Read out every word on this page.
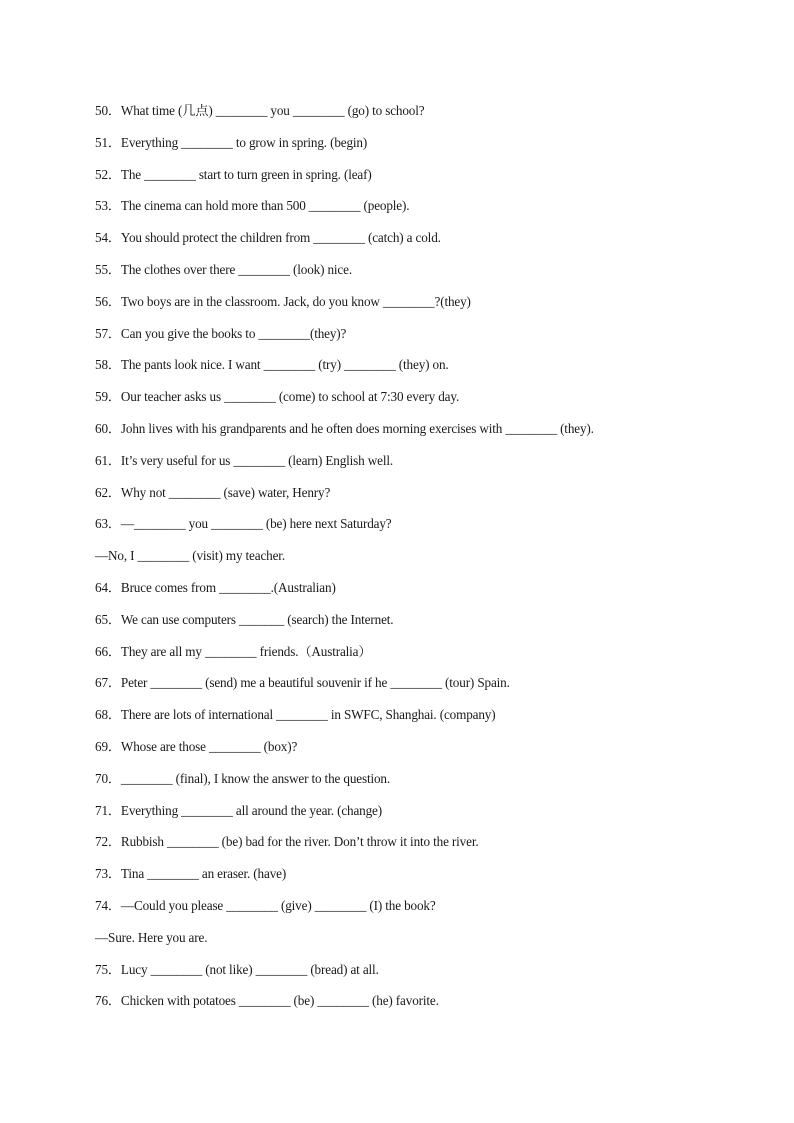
50．What time (几点) ________ you ________ (go) to school?
51．Everything ________ to grow in spring. (begin)
52．The ________ start to turn green in spring. (leaf)
53．The cinema can hold more than 500 ________ (people).
54．You should protect the children from ________ (catch) a cold.
55．The clothes over there ________ (look) nice.
56．Two boys are in the classroom. Jack, do you know ________?(they)
57．Can you give the books to ________(they)?
58．The pants look nice. I want ________ (try) ________ (they) on.
59．Our teacher asks us ________ (come) to school at 7:30 every day.
60．John lives with his grandparents and he often does morning exercises with ________ (they).
61．It’s very useful for us ________ (learn) English well.
62．Why not ________ (save) water, Henry?
63．—________ you ________ (be) here next Saturday?
—No, I ________ (visit) my teacher.
64．Bruce comes from ________.(Australian)
65．We can use computers _______ (search) the Internet.
66．They are all my ________ friends.（Australia）
67．Peter ________ (send) me a beautiful souvenir if he ________ (tour) Spain.
68．There are lots of international ________ in SWFC, Shanghai. (company)
69．Whose are those ________ (box)?
70．________ (final), I know the answer to the question.
71．Everything ________ all around the year. (change)
72．Rubbish ________ (be) bad for the river. Don’t throw it into the river.
73．Tina ________ an eraser. (have)
74．—Could you please ________ (give) ________ (I) the book?
—Sure. Here you are.
75．Lucy ________ (not like) ________ (bread) at all.
76．Chicken with potatoes ________ (be) ________ (he) favorite.
